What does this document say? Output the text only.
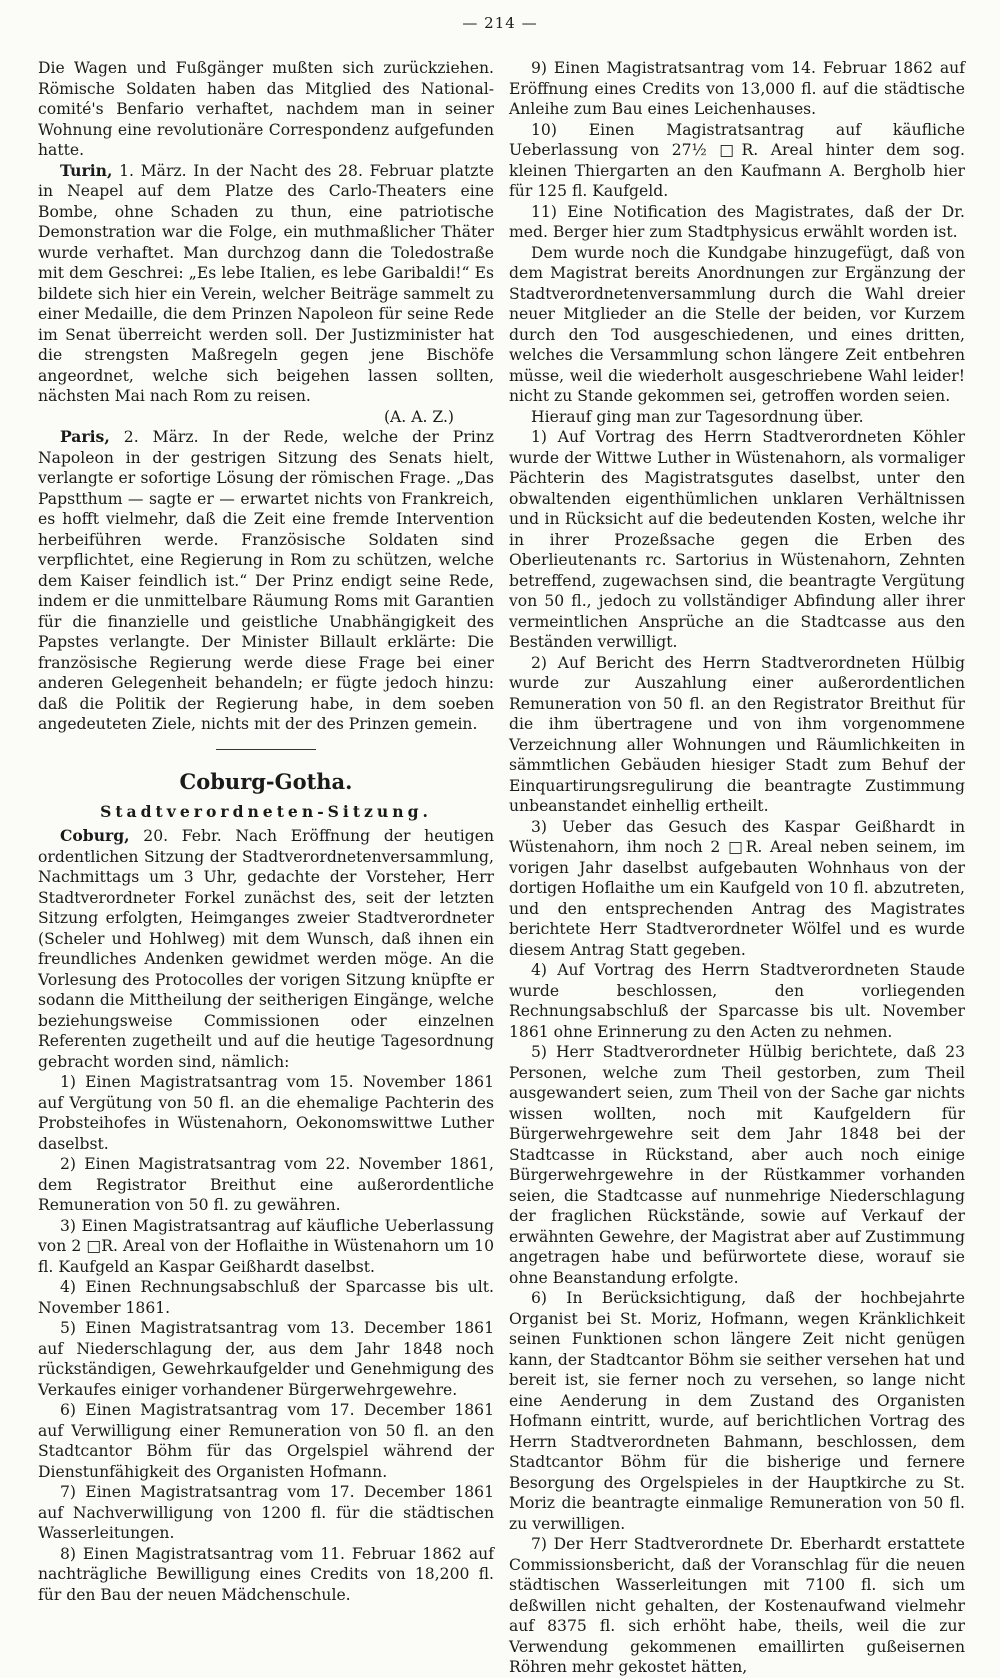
— 214 —

Die Wagen und Fußgänger mußten sich zurückziehen. Römische Soldaten haben das Mitglied des National-comité's Benfario verhaftet, nachdem man in seiner Wohnung eine revolutionäre Correspondenz aufgefunden hatte.

Turin, 1. März. In der Nacht des 28. Februar platzte in Neapel auf dem Platze des Carlo-Theaters eine Bombe, ohne Schaden zu thun, eine patriotische Demonstration war die Folge, ein muthmaßlicher Thäter wurde verhaftet. Man durchzog dann die Toledostraße mit dem Geschrei: „Es lebe Italien, es lebe Garibaldi!“ Es bildete sich hier ein Verein, welcher Beiträge sammelt zu einer Medaille, die dem Prinzen Napoleon für seine Rede im Senat überreicht werden soll. Der Justizminister hat die strengsten Maßregeln gegen jene Bischöfe angeordnet, welche sich beigehen lassen sollten, nächsten Mai nach Rom zu reisen.

(A. A. Z.)

Paris, 2. März. In der Rede, welche der Prinz Napoleon in der gestrigen Sitzung des Senats hielt, verlangte er sofortige Lösung der römischen Frage. „Das Papstthum — sagte er — erwartet nichts von Frankreich, es hofft vielmehr, daß die Zeit eine fremde Intervention herbeiführen werde. Französische Soldaten sind verpflichtet, eine Regierung in Rom zu schützen, welche dem Kaiser feindlich ist.“ Der Prinz endigt seine Rede, indem er die unmittelbare Räumung Roms mit Garantien für die finanzielle und geistliche Unabhängigkeit des Papstes verlangte. Der Minister Billault erklärte: Die französische Regierung werde diese Frage bei einer anderen Gelegenheit behandeln; er fügte jedoch hinzu: daß die Politik der Regierung habe, in dem soeben angedeuteten Ziele, nichts mit der des Prinzen gemein.

Coburg-Gotha.
Stadtverordneten-Sitzung.

Coburg, 20. Febr. Nach Eröffnung der heutigen ordentlichen Sitzung der Stadtverordnetenversammlung, Nachmittags um 3 Uhr, gedachte der Vorsteher, Herr Stadtverordneter Forkel zunächst des, seit der letzten Sitzung erfolgten, Heimganges zweier Stadtverordneter (Scheler und Hohlweg) mit dem Wunsch, daß ihnen ein freundliches Andenken gewidmet werden möge. An die Vorlesung des Protocolles der vorigen Sitzung knüpfte er sodann die Mittheilung der seitherigen Eingänge, welche beziehungsweise Commissionen oder einzelnen Referenten zugetheilt und auf die heutige Tagesordnung gebracht worden sind, nämlich:

1) Einen Magistratsantrag vom 15. November 1861 auf Vergütung von 50 fl. an die ehemalige Pachterin des Probsteihofes in Wüstenahorn, Oekonomswittwe Luther daselbst.

2) Einen Magistratsantrag vom 22. November 1861, dem Registrator Breithut eine außerordentliche Remuneration von 50 fl. zu gewähren.

3) Einen Magistratsantrag auf käufliche Ueberlassung von 2 □R. Areal von der Hoflaithe in Wüstenahorn um 10 fl. Kaufgeld an Kaspar Geißhardt daselbst.

4) Einen Rechnungsabschluß der Sparcasse bis ult. November 1861.

5) Einen Magistratsantrag vom 13. December 1861 auf Niederschlagung der, aus dem Jahr 1848 noch rückständigen, Gewehrkaufgelder und Genehmigung des Verkaufes einiger vorhandener Bürgerwehrgewehre.

6) Einen Magistratsantrag vom 17. December 1861 auf Verwilligung einer Remuneration von 50 fl. an den Stadtcantor Böhm für das Orgelspiel während der Dienstunfähigkeit des Organisten Hofmann.

7) Einen Magistratsantrag vom 17. December 1861 auf Nachverwilligung von 1200 fl. für die städtischen Wasserleitungen.

8) Einen Magistratsantrag vom 11. Februar 1862 auf nachträgliche Bewilligung eines Credits von 18,200 fl. für den Bau der neuen Mädchenschule.

9) Einen Magistratsantrag vom 14. Februar 1862 auf Eröffnung eines Credits von 13,000 fl. auf die städtische Anleihe zum Bau eines Leichenhauses.

10) Einen Magistratsantrag auf käufliche Ueberlassung von 27½ □R. Areal hinter dem sog. kleinen Thiergarten an den Kaufmann A. Bergholb hier für 125 fl. Kaufgeld.

11) Eine Notification des Magistrates, daß der Dr. med. Berger hier zum Stadtphysicus erwählt worden ist.

Dem wurde noch die Kundgabe hinzugefügt, daß von dem Magistrat bereits Anordnungen zur Ergänzung der Stadtverordnetenversammlung durch die Wahl dreier neuer Mitglieder an die Stelle der beiden, vor Kurzem durch den Tod ausgeschiedenen, und eines dritten, welches die Versammlung schon längere Zeit entbehren müsse, weil die wiederholt ausgeschriebene Wahl leider! nicht zu Stande gekommen sei, getroffen worden seien.

Hierauf ging man zur Tagesordnung über.

1) Auf Vortrag des Herrn Stadtverordneten Köhler wurde der Wittwe Luther in Wüstenahorn, als vormaliger Pächterin des Magistratsgutes daselbst, unter den obwaltenden eigenthümlichen unklaren Verhältnissen und in Rücksicht auf die bedeutenden Kosten, welche ihr in ihrer Prozeßsache gegen die Erben des Oberlieutenants rc. Sartorius in Wüstenahorn, Zehnten betreffend, zugewachsen sind, die beantragte Vergütung von 50 fl., jedoch zu vollständiger Abfindung aller ihrer vermeintlichen Ansprüche an die Stadtcasse aus den Beständen verwilligt.

2) Auf Bericht des Herrn Stadtverordneten Hülbig wurde zur Auszahlung einer außerordentlichen Remuneration von 50 fl. an den Registrator Breithut für die ihm übertragene und von ihm vorgenommene Verzeichnung aller Wohnungen und Räumlichkeiten in sämmtlichen Gebäuden hiesiger Stadt zum Behuf der Einquartirungsregulirung die beantragte Zustimmung unbeanstandet einhellig ertheilt.

3) Ueber das Gesuch des Kaspar Geißhardt in Wüstenahorn, ihm noch 2 □R. Areal neben seinem, im vorigen Jahr daselbst aufgebauten Wohnhaus von der dortigen Hoflaithe um ein Kaufgeld von 10 fl. abzutreten, und den entsprechenden Antrag des Magistrates berichtete Herr Stadtverordneter Wölfel und es wurde diesem Antrag Statt gegeben.

4) Auf Vortrag des Herrn Stadtverordneten Staude wurde beschlossen, den vorliegenden Rechnungsabschluß der Sparcasse bis ult. November 1861 ohne Erinnerung zu den Acten zu nehmen.

5) Herr Stadtverordneter Hülbig berichtete, daß 23 Personen, welche zum Theil gestorben, zum Theil ausgewandert seien, zum Theil von der Sache gar nichts wissen wollten, noch mit Kaufgeldern für Bürgerwehrgewehre seit dem Jahr 1848 bei der Stadtcasse in Rückstand, aber auch noch einige Bürgerwehrgewehre in der Rüstkammer vorhanden seien, die Stadtcasse auf nunmehrige Niederschlagung der fraglichen Rückstände, sowie auf Verkauf der erwähnten Gewehre, der Magistrat aber auf Zustimmung angetragen habe und befürwortete diese, worauf sie ohne Beanstandung erfolgte.

6) In Berücksichtigung, daß der hochbejahrte Organist bei St. Moriz, Hofmann, wegen Kränklichkeit seinen Funktionen schon längere Zeit nicht genügen kann, der Stadtcantor Böhm sie seither versehen hat und bereit ist, sie ferner noch zu versehen, so lange nicht eine Aenderung in dem Zustand des Organisten Hofmann eintritt, wurde, auf berichtlichen Vortrag des Herrn Stadtverordneten Bahmann, beschlossen, dem Stadtcantor Böhm für die bisherige und fernere Besorgung des Orgelspieles in der Hauptkirche zu St. Moriz die beantragte einmalige Remuneration von 50 fl. zu verwilligen.

7) Der Herr Stadtverordnete Dr. Eberhardt erstattete Commissionsbericht, daß der Voranschlag für die neuen städtischen Wasserleitungen mit 7100 fl. sich um deßwillen nicht gehalten, der Kostenaufwand vielmehr auf 8375 fl. sich erhöht habe, theils, weil die zur Verwendung gekommenen emaillirten gußeisernen Röhren mehr gekostet hätten,
